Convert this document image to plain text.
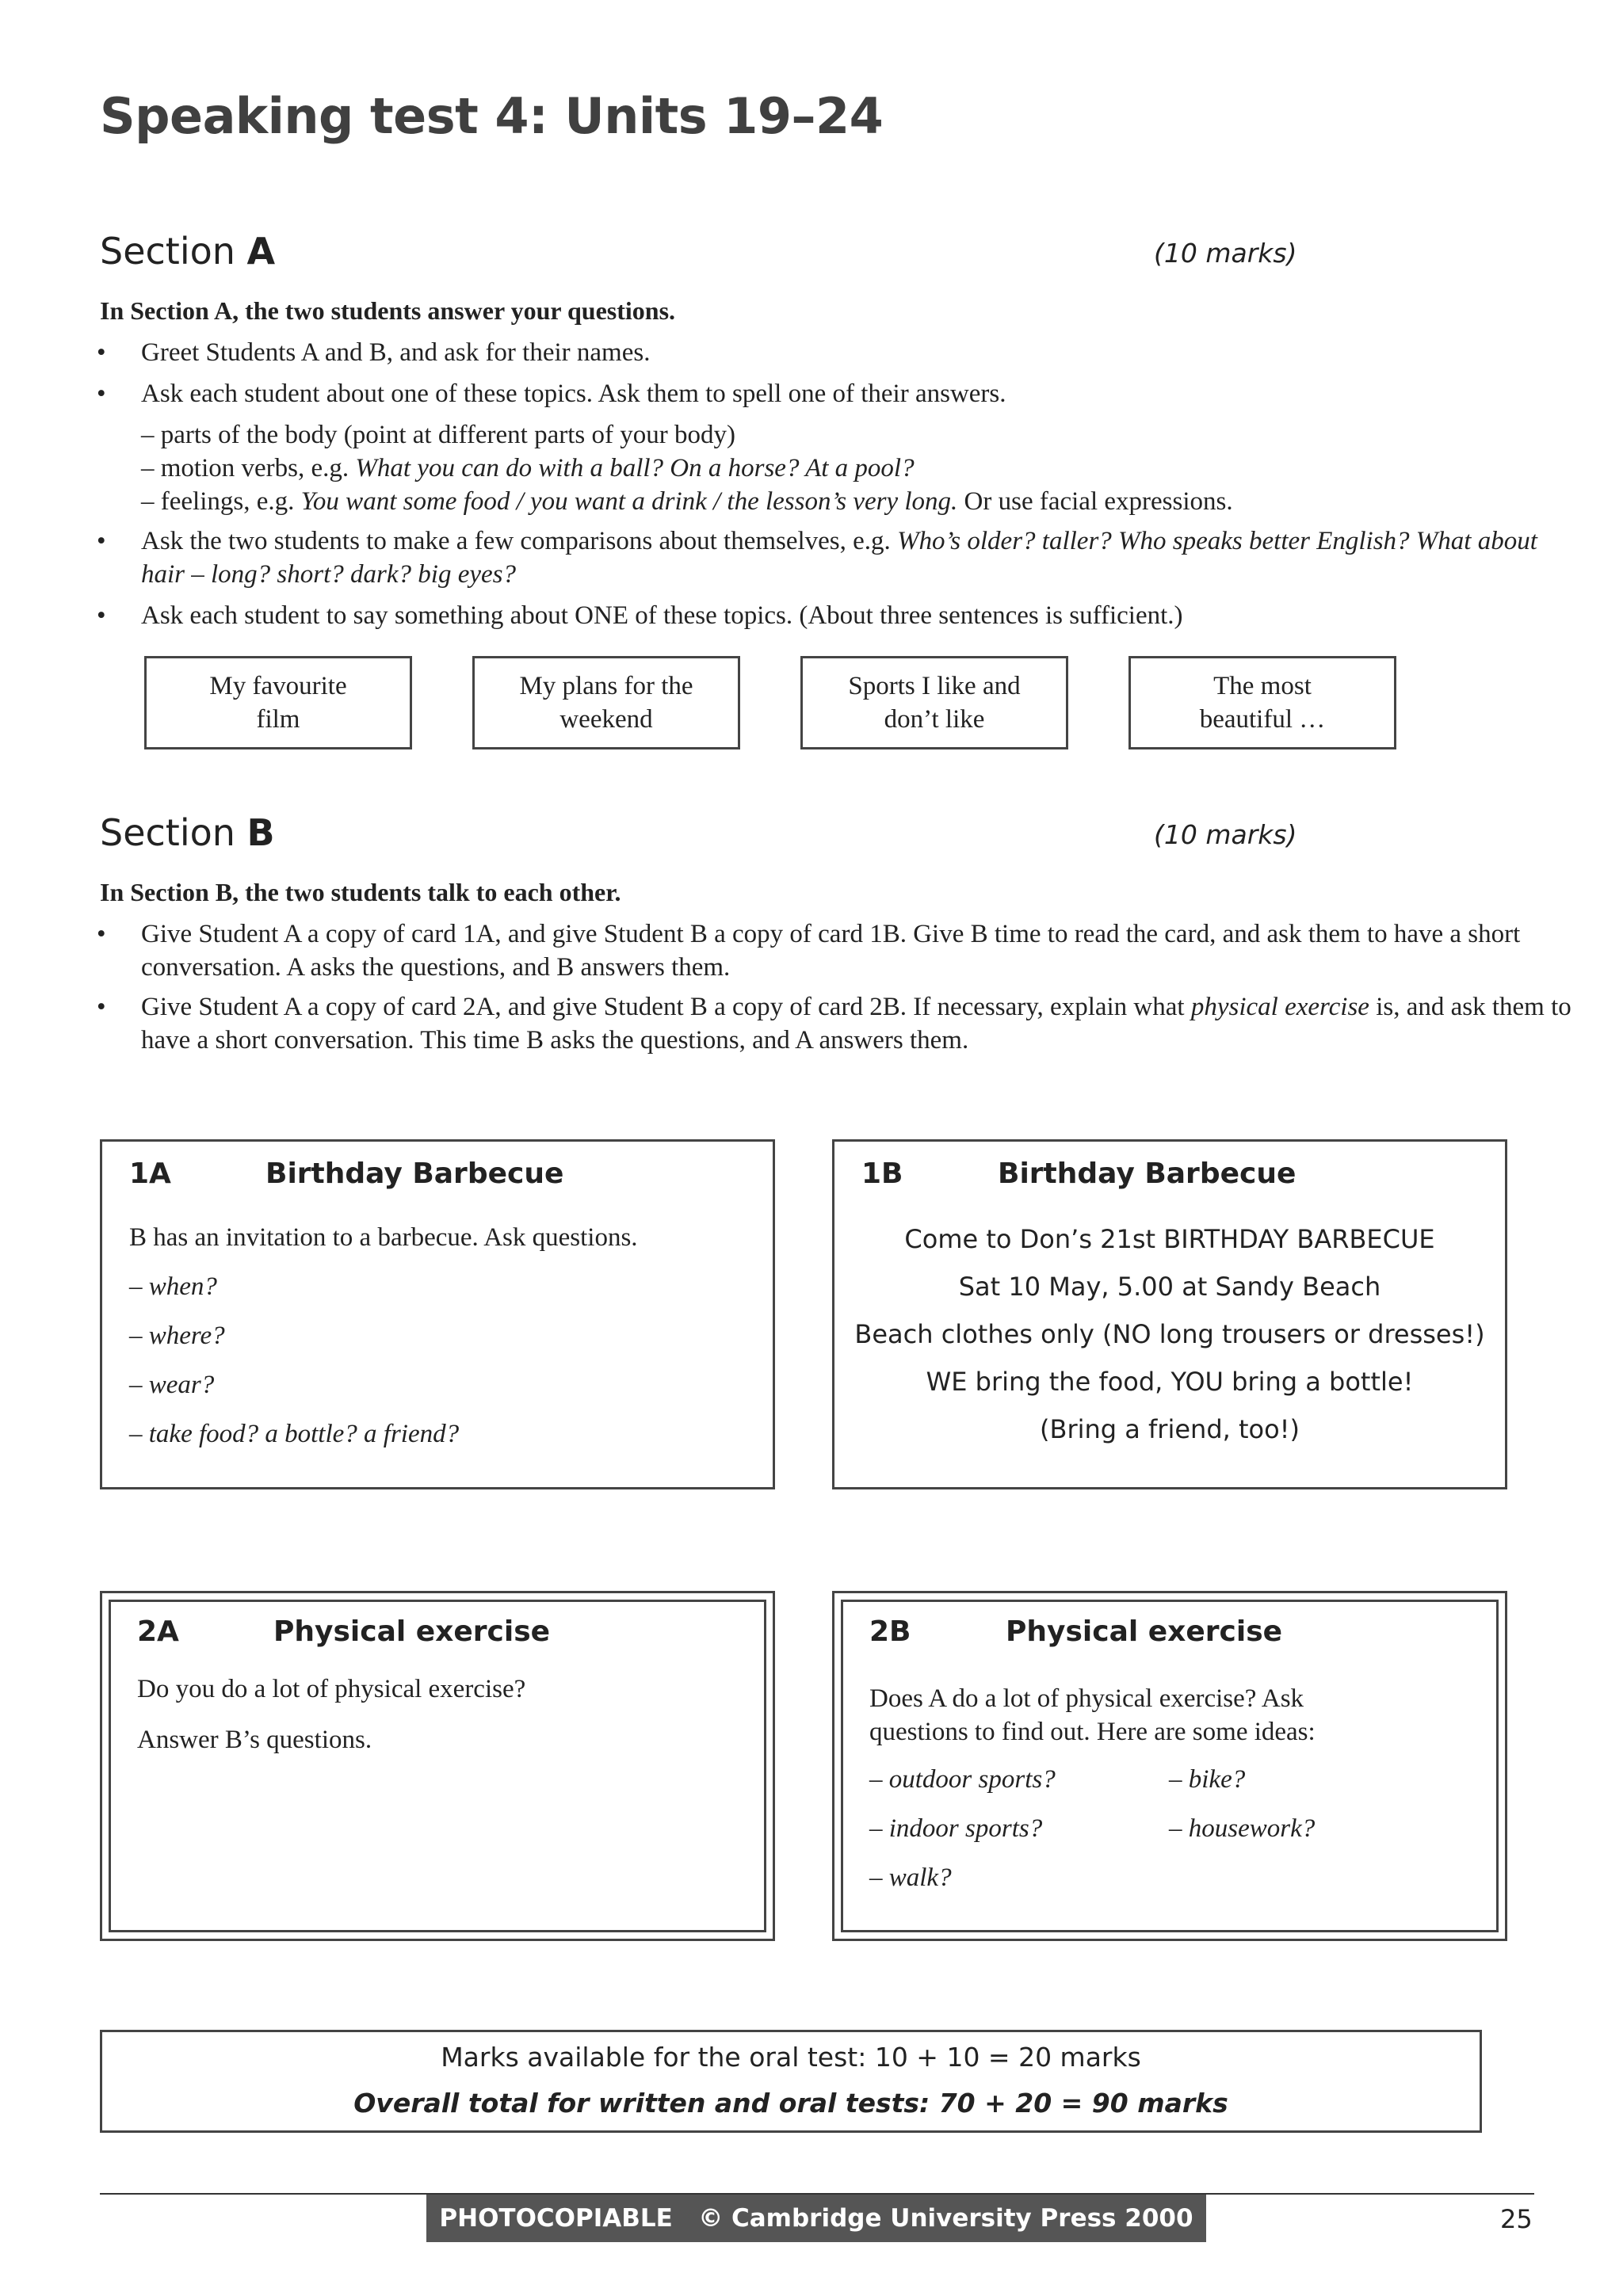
Speaking test 4: Units 19–24
Section A	(10 marks)
In Section A, the two students answer your questions.
• Greet Students A and B, and ask for their names.
• Ask each student about one of these topics. Ask them to spell one of their answers.
– parts of the body (point at different parts of your body)
– motion verbs, e.g. What you can do with a ball? On a horse? At a pool?
– feelings, e.g. You want some food / you want a drink / the lesson’s very long. Or use facial expressions.
• Ask the two students to make a few comparisons about themselves, e.g. Who’s older? taller? Who speaks better English? What about hair – long? short? dark? big eyes?
• Ask each student to say something about ONE of these topics. (About three sentences is sufficient.)
My favourite
film
My plans for the
weekend
Sports I like and
don’t like
The most
beautiful …
Section B	(10 marks)
In Section B, the two students talk to each other.
• Give Student A a copy of card 1A, and give Student B a copy of card 1B. Give B time to read the card, and ask them to have a short conversation. A asks the questions, and B answers them.
• Give Student A a copy of card 2A, and give Student B a copy of card 2B. If necessary, explain what physical exercise is, and ask them to have a short conversation. This time B asks the questions, and A answers them.
1A	Birthday Barbecue
B has an invitation to a barbecue. Ask questions.
– when?
– where?
– wear?
– take food? a bottle? a friend?
1B	Birthday Barbecue
Come to Don’s 21st BIRTHDAY BARBECUE
Sat 10 May, 5.00 at Sandy Beach
Beach clothes only (NO long trousers or dresses!)
WE bring the food, YOU bring a bottle!
(Bring a friend, too!)
2A	Physical exercise
Do you do a lot of physical exercise?
Answer B’s questions.
2B	Physical exercise
Does A do a lot of physical exercise? Ask
questions to find out. Here are some ideas:
– outdoor sports?
– indoor sports?
– walk?
– bike?
– housework?
Marks available for the oral test: 10 + 10 = 20 marks
Overall total for written and oral tests: 70 + 20 = 90 marks
PHOTOCOPIABLE   © Cambridge University Press 2000	25
